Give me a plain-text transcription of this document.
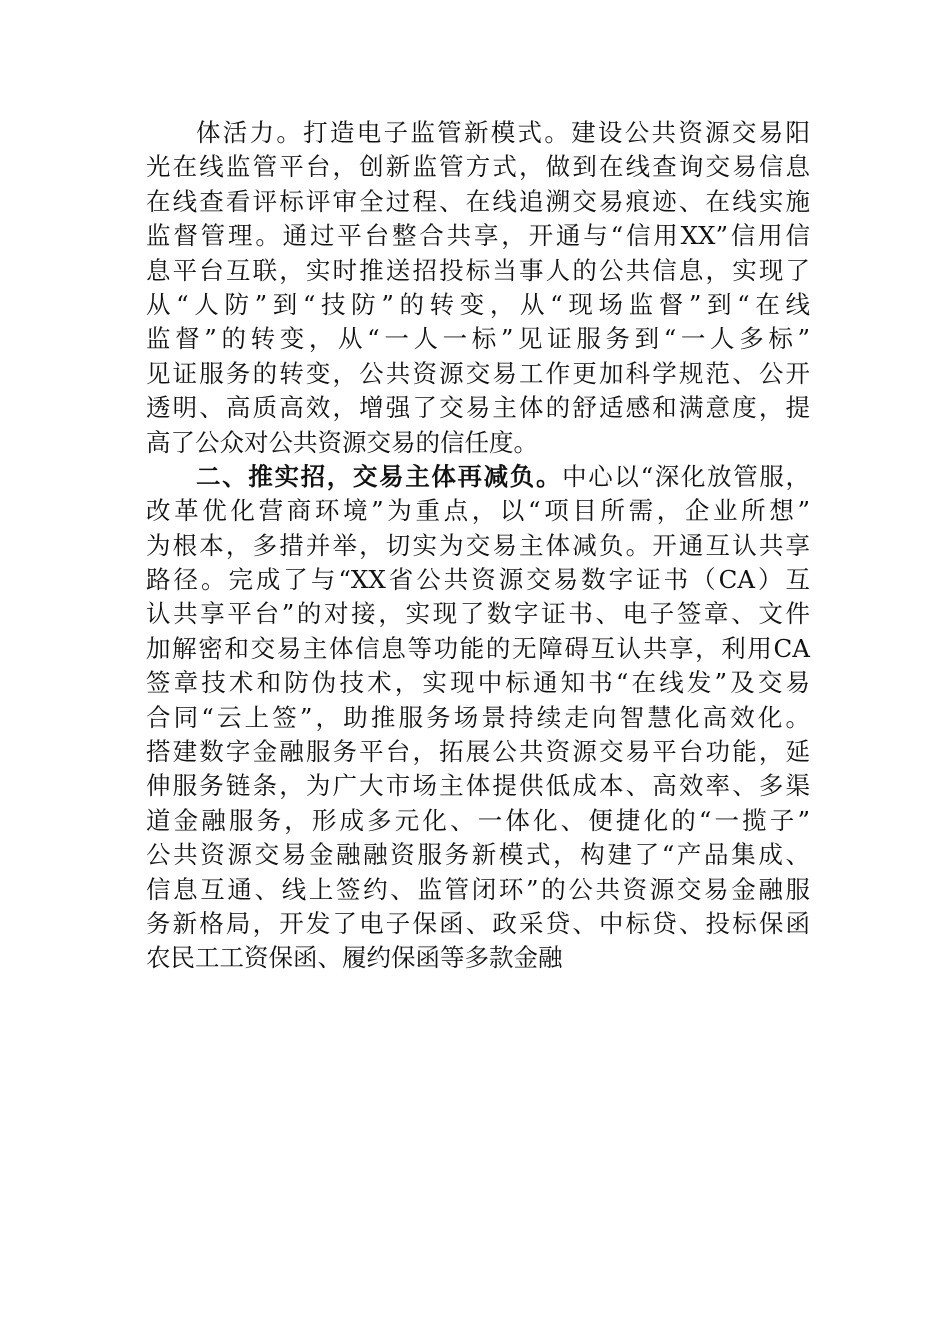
体活力。打造电子监管新模式。建设公共资源交易阳
光在线监管平台，创新监管方式，做到在线查询交易信息
在线查看评标评审全过程、在线追溯交易痕迹、在线实施
监督管理。通过平台整合共享，开通与“信用XX”信用信
息平台互联，实时推送招投标当事人的公共信息，实现了
从“人防”到“技防”的转变，从“现场监督”到“在线
监督”的转变，从“一人一标”见证服务到“一人多标”
见证服务的转变，公共资源交易工作更加科学规范、公开
透明、高质高效，增强了交易主体的舒适感和满意度，提
高了公众对公共资源交易的信任度。
二、推实招，交易主体再减负。中心以“深化放管服，
改革优化营商环境”为重点，以“项目所需，企业所想”
为根本，多措并举，切实为交易主体减负。开通互认共享
路径。完成了与“XX省公共资源交易数字证书（CA）互
认共享平台”的对接，实现了数字证书、电子签章、文件
加解密和交易主体信息等功能的无障碍互认共享，利用CA
签章技术和防伪技术，实现中标通知书“在线发”及交易
合同“云上签”，助推服务场景持续走向智慧化高效化。
搭建数字金融服务平台，拓展公共资源交易平台功能，延
伸服务链条，为广大市场主体提供低成本、高效率、多渠
道金融服务，形成多元化、一体化、便捷化的“一揽子”
公共资源交易金融融资服务新模式，构建了“产品集成、
信息互通、线上签约、监管闭环”的公共资源交易金融服
务新格局，开发了电子保函、政采贷、中标贷、投标保函
农民工工资保函、履约保函等多款金融
